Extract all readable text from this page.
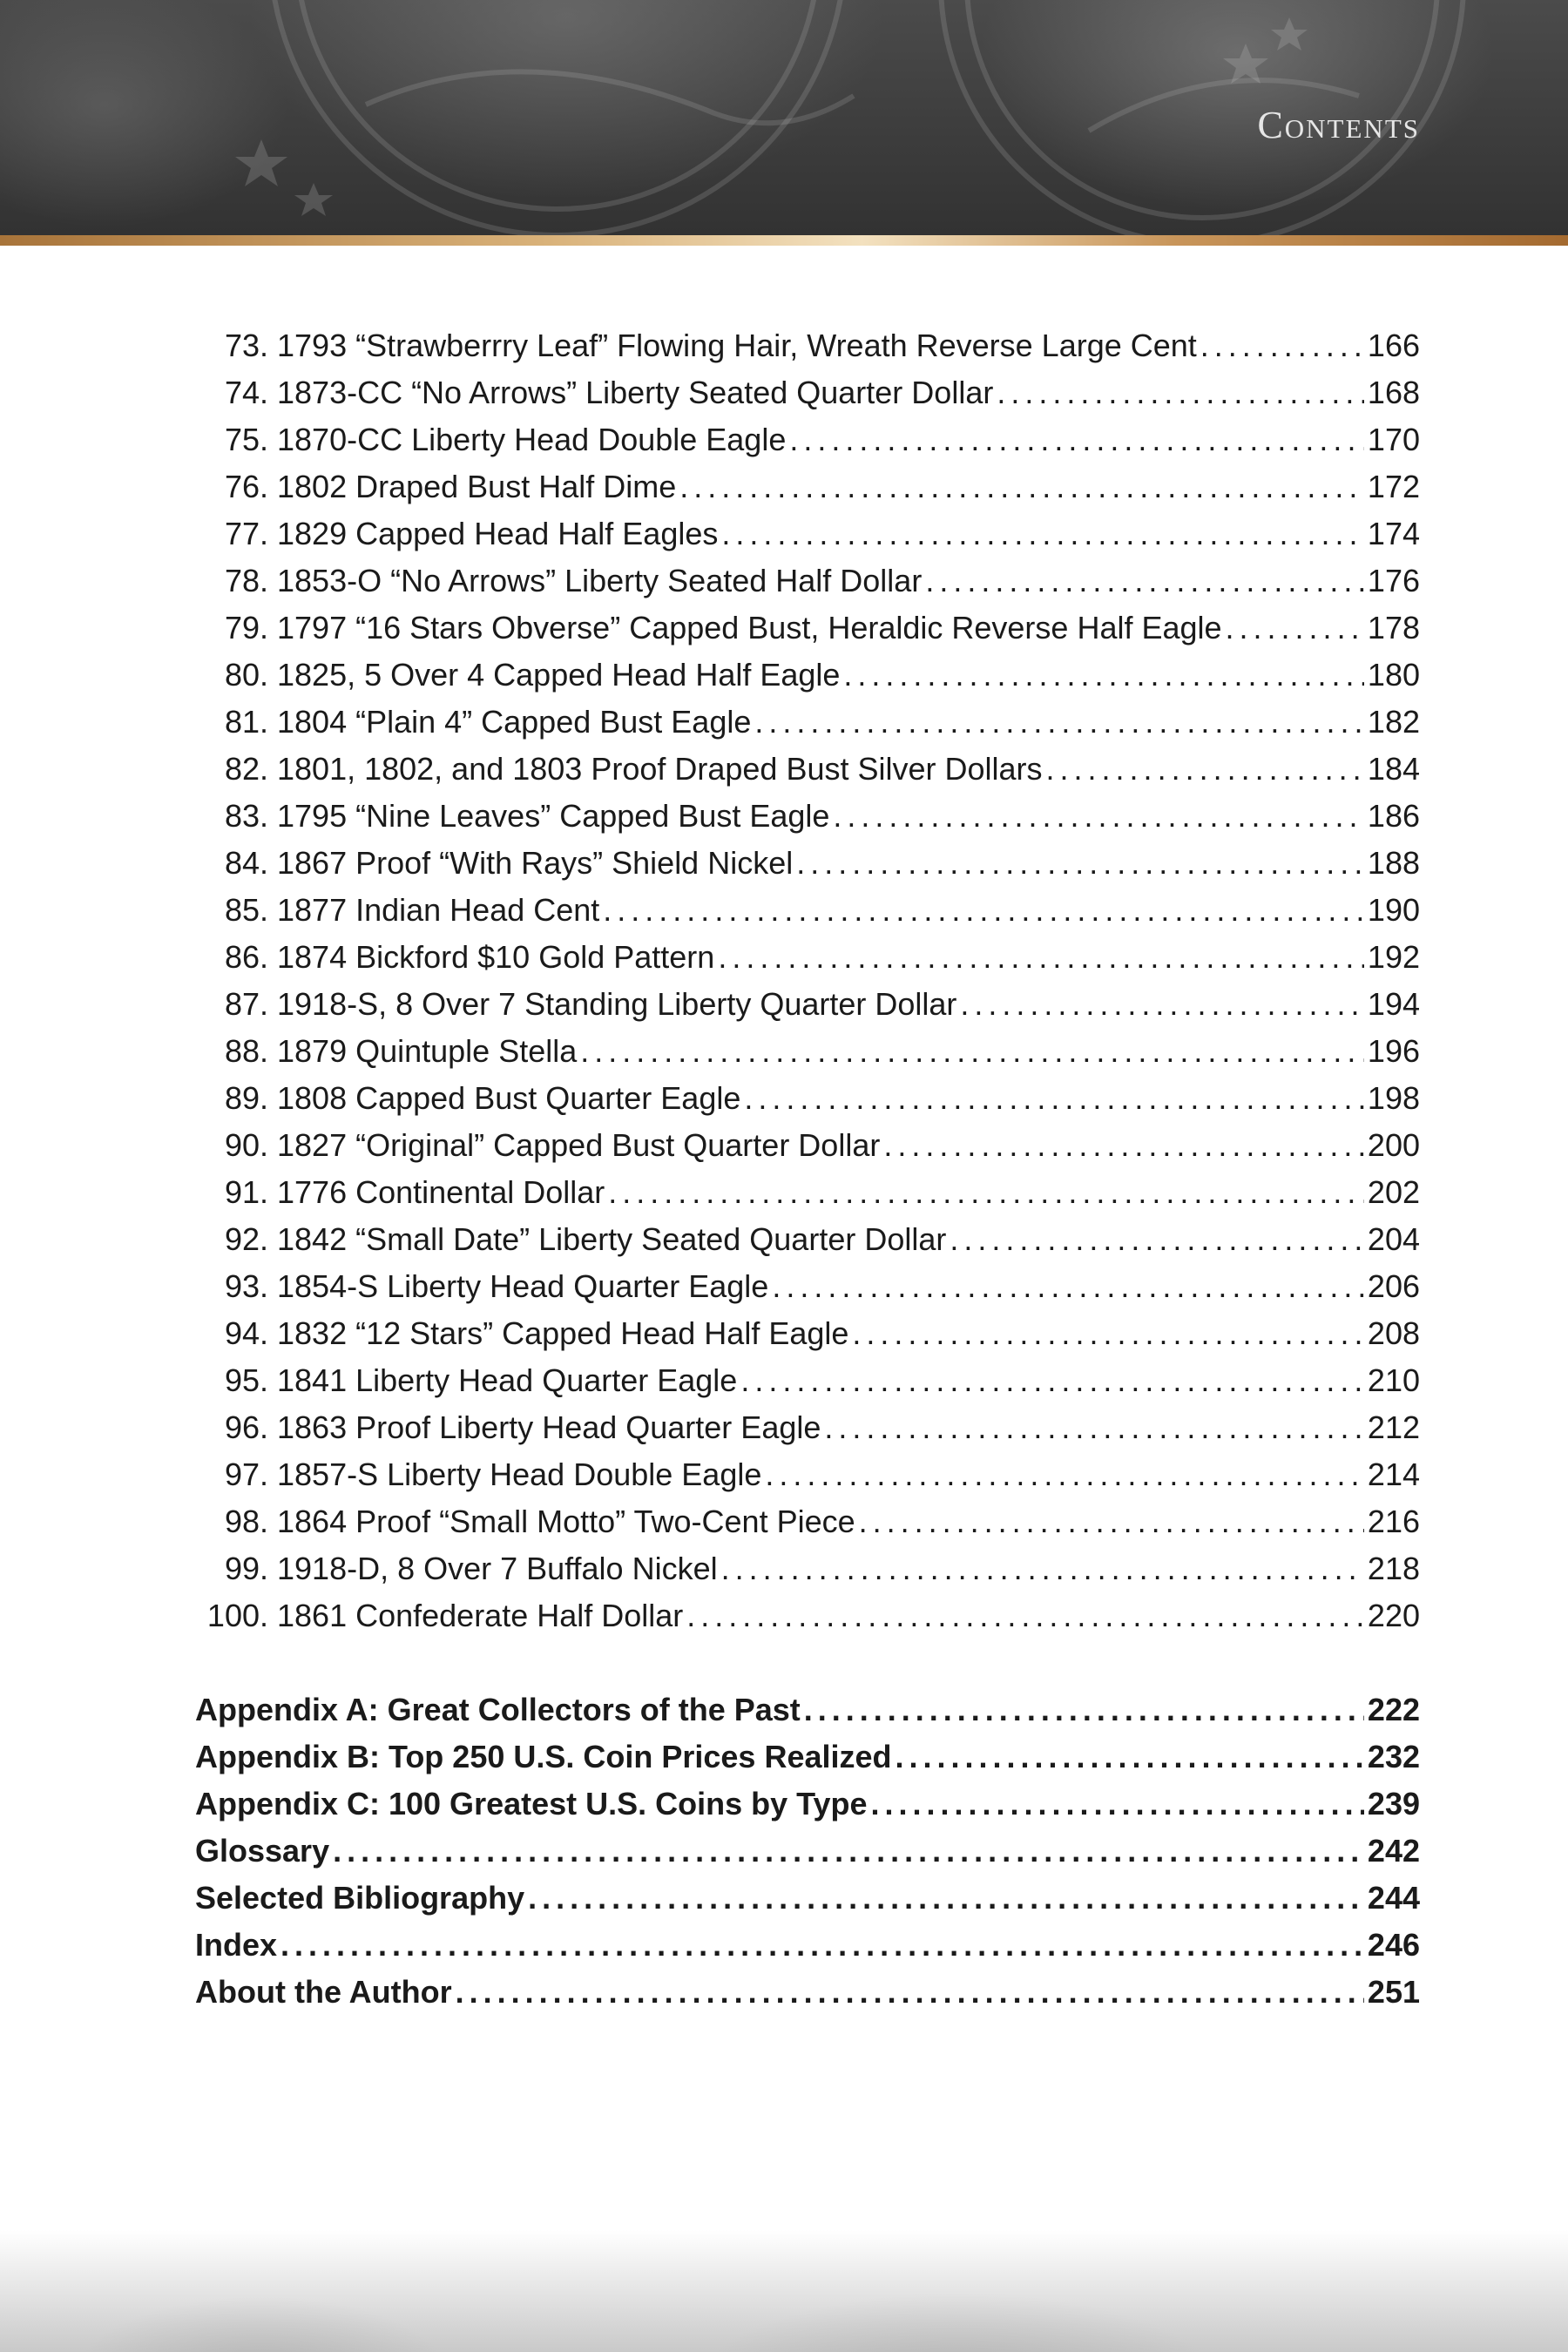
Contents
73. 1793 “Strawberrry Leaf” Flowing Hair, Wreath Reverse Large Cent .....	166
74. 1873-CC “No Arrows” Liberty Seated Quarter Dollar .....	168
75. 1870-CC Liberty Head Double Eagle .....	170
76. 1802 Draped Bust Half Dime .....	172
77. 1829 Capped Head Half Eagles .....	174
78. 1853-O “No Arrows” Liberty Seated Half Dollar .....	176
79. 1797 “16 Stars Obverse” Capped Bust, Heraldic Reverse Half Eagle .....	178
80. 1825, 5 Over 4 Capped Head Half Eagle .....	180
81. 1804 “Plain 4” Capped Bust Eagle .....	182
82. 1801, 1802, and 1803 Proof Draped Bust Silver Dollars .....	184
83. 1795 “Nine Leaves” Capped Bust Eagle .....	186
84. 1867 Proof “With Rays” Shield Nickel .....	188
85. 1877 Indian Head Cent .....	190
86. 1874 Bickford $10 Gold Pattern .....	192
87. 1918-S, 8 Over 7 Standing Liberty Quarter Dollar .....	194
88. 1879 Quintuple Stella .....	196
89. 1808 Capped Bust Quarter Eagle .....	198
90. 1827 “Original” Capped Bust Quarter Dollar .....	200
91. 1776 Continental Dollar .....	202
92. 1842 “Small Date” Liberty Seated Quarter Dollar .....	204
93. 1854-S Liberty Head Quarter Eagle .....	206
94. 1832 “12 Stars” Capped Head Half Eagle .....	208
95. 1841 Liberty Head Quarter Eagle .....	210
96. 1863 Proof Liberty Head Quarter Eagle .....	212
97. 1857-S Liberty Head Double Eagle .....	214
98. 1864 Proof “Small Motto” Two-Cent Piece .....	216
99. 1918-D, 8 Over 7 Buffalo Nickel .....	218
100. 1861 Confederate Half Dollar .....	220
Appendix A: Great Collectors of the Past .....	222
Appendix B: Top 250 U.S. Coin Prices Realized .....	232
Appendix C: 100 Greatest U.S. Coins by Type .....	239
Glossary .....	242
Selected Bibliography .....	244
Index .....	246
About the Author .....	251
